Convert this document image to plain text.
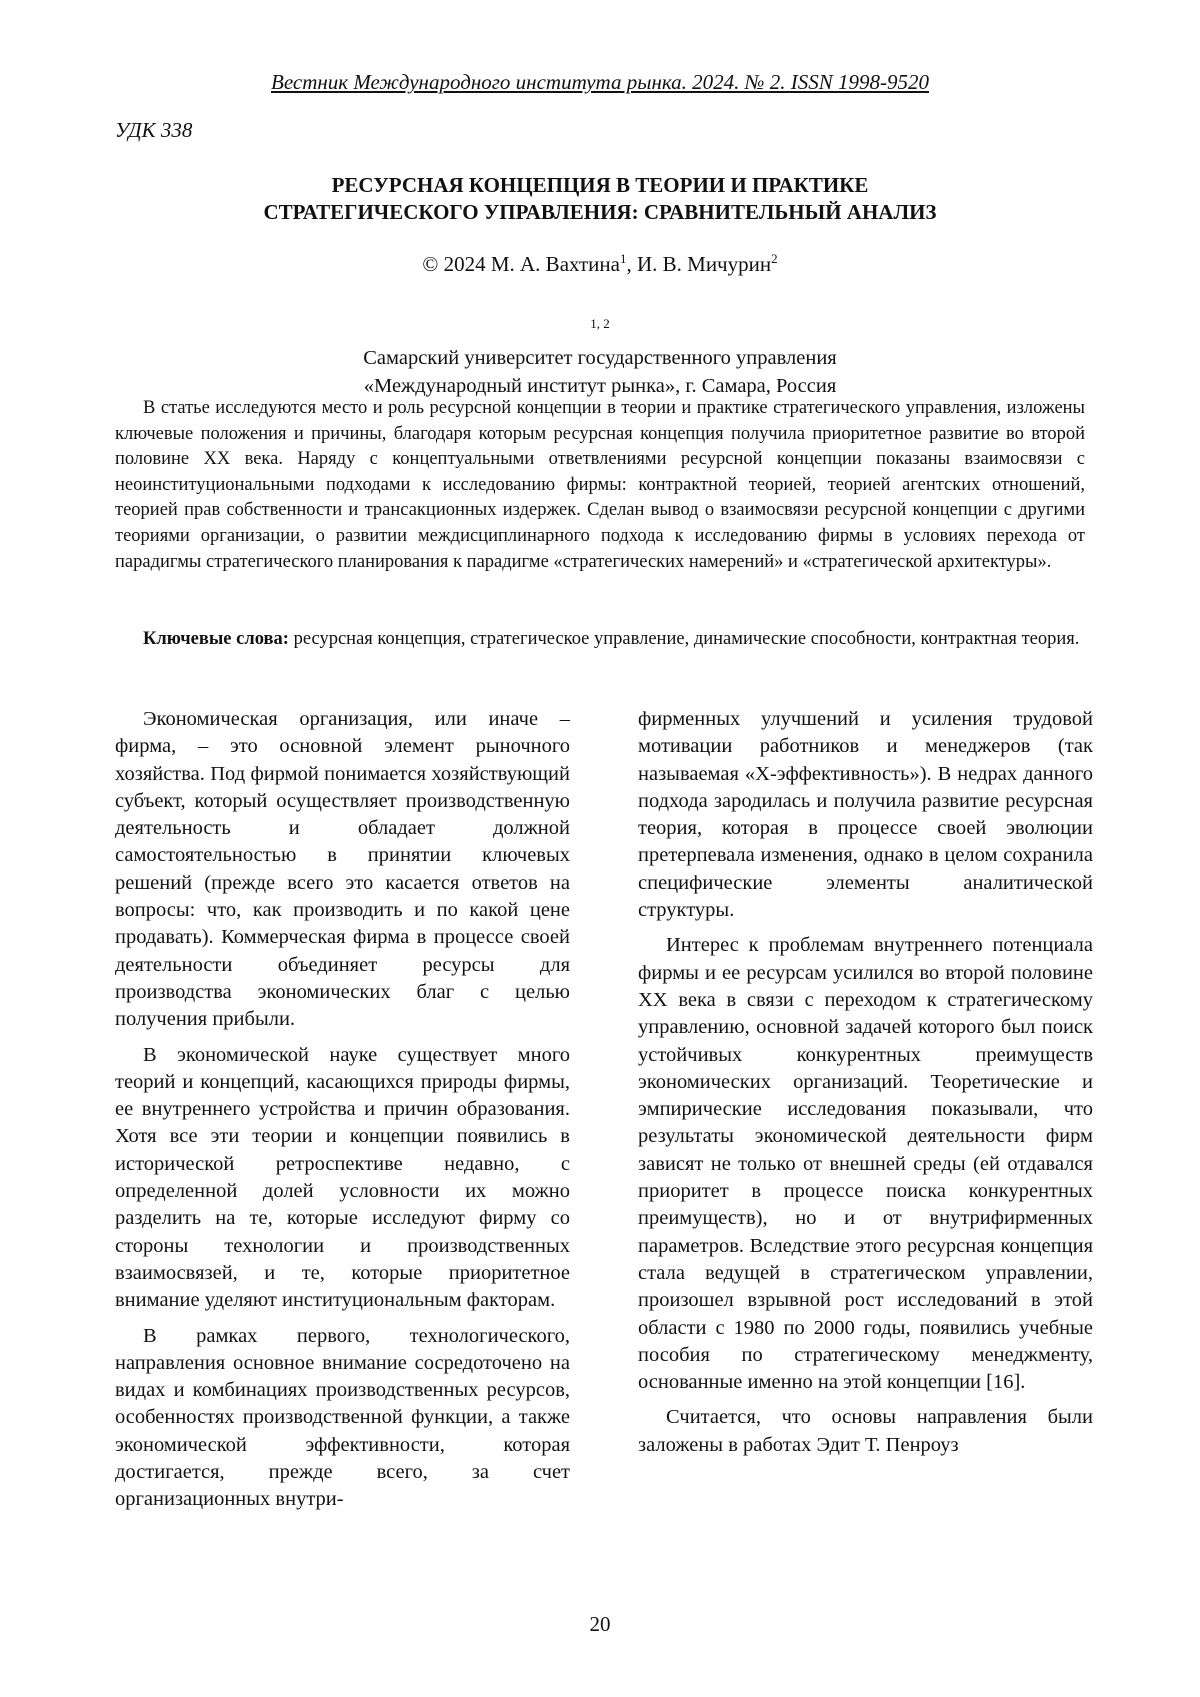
Вестник Международного института рынка. 2024. № 2. ISSN 1998-9520
УДК 338
РЕСУРСНАЯ КОНЦЕПЦИЯ В ТЕОРИИ И ПРАКТИКЕ
СТРАТЕГИЧЕСКОГО УПРАВЛЕНИЯ: СРАВНИТЕЛЬНЫЙ АНАЛИЗ
© 2024 М. А. Вахтина$^1$, И. В. Мичурин$^2$
$^{1, 2}$
Самарский университет государственного управления
«Международный институт рынка», г. Самара, Россия

В статье исследуются место и роль ресурсной концепции в теории и практике стратегического управления, изложены ключевые положения и причины, благодаря которым ресурсная концепция получила приоритетное развитие во второй половине XX века. Наряду с концептуальными ответвлениями ресурсной концепции показаны взаимосвязи с неоинституциональными подходами к исследованию фирмы: контрактной теорией, теорией агентских отношений, теорией прав собственности и трансакционных издержек. Сделан вывод о взаимосвязи ресурсной концепции с другими теориями организации, о развитии междисциплинарного подхода к исследованию фирмы в условиях перехода от парадигмы стратегического планирования к парадигме «стратегических намерений» и «стратегической архитектуры».

Ключевые слова: ресурсная концепция, стратегическое управление, динамические способности, контрактная теория.

Экономическая организация, или иначе – фирма, – это основной элемент рыночного хозяйства. Под фирмой понимается хозяйствующий субъект, который осуществляет производственную деятельность и обладает должной самостоятельностью в принятии ключевых решений (прежде всего это касается ответов на вопросы: что, как производить и по какой цене продавать). Коммерческая фирма в процессе своей деятельности объединяет ресурсы для производства экономических благ с целью получения прибыли.

В экономической науке существует много теорий и концепций, касающихся природы фирмы, ее внутреннего устройства и причин образования. Хотя все эти теории и концепции появились в исторической ретроспективе недавно, с определенной долей условности их можно разделить на те, которые исследуют фирму со стороны технологии и производственных взаимосвязей, и те, которые приоритетное внимание уделяют институциональным факторам.

В рамках первого, технологического, направления основное внимание сосредоточено на видах и комбинациях производственных ресурсов, особенностях производственной функции, а также экономической эффективности, которая достигается, прежде всего, за счет организационных внутри-

фирменных улучшений и усиления трудовой мотивации работников и менеджеров (так называемая «X-эффективность»). В недрах данного подхода зародилась и получила развитие ресурсная теория, которая в процессе своей эволюции претерпевала изменения, однако в целом сохранила специфические элементы аналитической структуры.

Интерес к проблемам внутреннего потенциала фирмы и ее ресурсам усилился во второй половине XX века в связи с переходом к стратегическому управлению, основной задачей которого был поиск устойчивых конкурентных преимуществ экономических организаций. Теоретические и эмпирические исследования показывали, что результаты экономической деятельности фирм зависят не только от внешней среды (ей отдавался приоритет в процессе поиска конкурентных преимуществ), но и от внутрифирменных параметров. Вследствие этого ресурсная концепция стала ведущей в стратегическом управлении, произошел взрывной рост исследований в этой области с 1980 по 2000 годы, появились учебные пособия по стратегическому менеджменту, основанные именно на этой концепции [16].

Считается, что основы направления были заложены в работах Эдит Т. Пенроуз

20
